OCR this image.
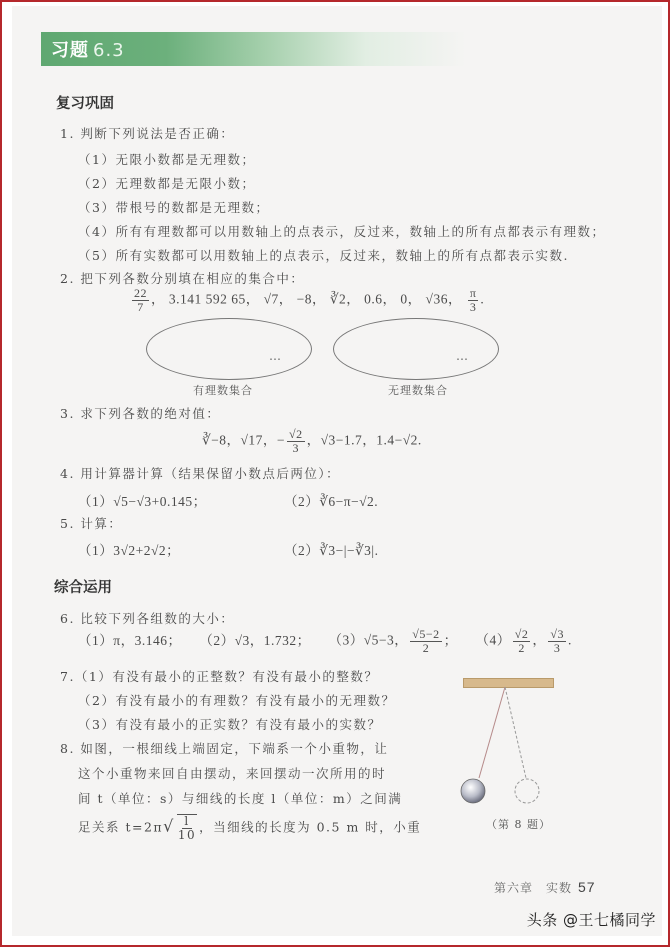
习题 6.3
复习巩固
1. 判断下列说法是否正确：
（1）无限小数都是无理数；
（2）无理数都是无限小数；
（3）带根号的数都是无理数；
（4）所有有理数都可以用数轴上的点表示，反过来，数轴上的所有点都表示有理数；
（5）所有实数都可以用数轴上的点表示，反过来，数轴上的所有点都表示实数.
2. 把下列各数分别填在相应的集合中：
$\frac{22}{7}$ ， 3.141 592 65， √7， −8， ∛2， 0.6， 0， √36， $\frac{\pi}{3}$ .
…	…
有理数集合	无理数集合
3. 求下列各数的绝对值：
∛−8，√17，− $\frac{√2}{3}$ ，√3−1.7，1.4−√2.
4. 用计算器计算（结果保留小数点后两位）：
（1）√5−√3+0.145；	（2）∛6−π−√2.
5. 计算：
（1）3√2+2√2；	（2）∛3−|−∛3|.
综合运用
6. 比较下列各组数的大小：
（1）π，3.146； （2）√3，1.732； （3）√5−3， $\frac{√5-2}{2}$ ； $(4) \frac{√2}{2}$ ， $\frac{√3}{3}$ .
7.（1）有没有最小的正整数？有没有最小的整数？
（2）有没有最小的有理数？有没有最小的无理数？
（3）有没有最小的正实数？有没有最小的实数？
8. 如图，一根细线上端固定，下端系一个小重物，让
这个小重物来回自由摆动，来回摆动一次所用的时
间 t（单位：s）与细线的长度 l（单位：m）之间满
足关系 $t=2\pi√ \frac{l}{10}$ ，当细线的长度为 0.5 m 时，小重	（第 8 题）
第六章　实数 57
头条 @王七橘同学
